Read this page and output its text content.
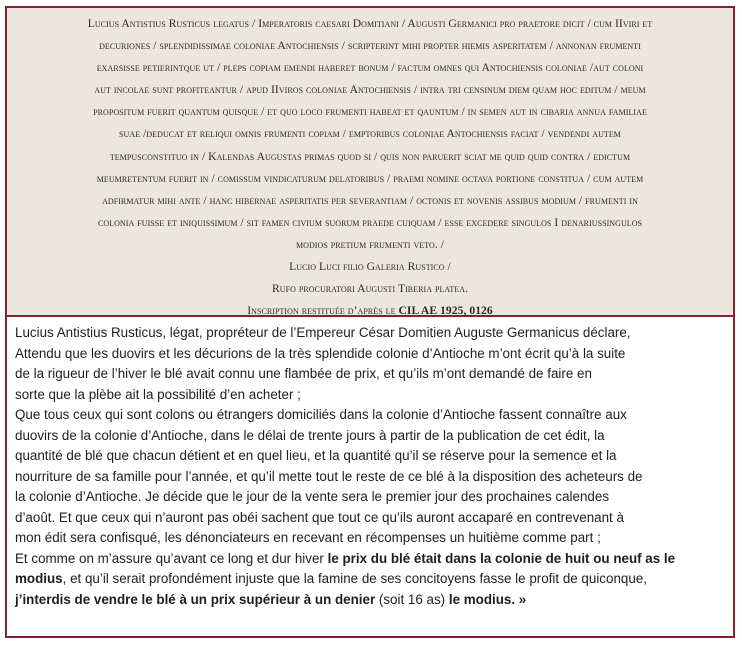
Lucius Antistius Rusticus legatus / Imperatoris caesari Domitiani / Augusti Germanici pro praetore dicit / cum IIviri et
decuriones / splendidissimae coloniae Antochiensis / scripterint mihi propter hiemis asperitatem / annonan frumenti
exarsisse petierintque ut / pleps copiam emendi haberet bonum / factum omnes qui Antochiensis coloniae /aut coloni
aut incolae sunt profiteantur / apud IIviros coloniae Antochiensis / intra tri censinum diem quam hoc editum / meum
propositum fuerit quantum quisque / et quo loco frumenti habeat et qauntum / in semen aut in cibaria annua familiae
suae /deducat et reliqui omnis frumenti copiam / emptoribus coloniae Antochiensis faciat / vendendi autem
tempusconstituo in / Kalendas Augustas primas quod si / quis non paruerit sciat me quid quid contra / edictum
meumretentum fuerit in / comissum vindicaturum delatoribus / praemi nomine octava portione constitua / cum autem
adfirmatur mihi ante / hanc hibernae asperitatis per severantiam / octonis et novenis assibus modium / frumenti in
colonia fuisse et iniquissimum / sit famen civium suorum praede cuiquam / esse excedere singulos I denariussingulos
modios pretium frumenti veto. /
Lucio Luci filio Galeria Rustico /
Rufo procuratori Augusti Tiberia platea.
Inscription restituée d’après le CIL AE 1925, 0126
Lucius Antistius Rusticus, légat, propréteur de l’Empereur César Domitien Auguste Germanicus déclare,
Attendu que les duovirs et les décurions de la très splendide colonie d’Antioche m’ont écrit qu’à la suite
de la rigueur de l’hiver le blé avait connu une flambée de prix, et qu’ils m’ont demandé de faire en
sorte que la plèbe ait la possibilité d’en acheter ;
Que tous ceux qui sont colons ou étrangers domiciliés dans la colonie d’Antioche fassent connaître aux
duovirs de la colonie d’Antioche, dans le délai de trente jours à partir de la publication de cet édit, la
quantité de blé que chacun détient et en quel lieu, et la quantité qu’il se réserve pour la semence et la
nourriture de sa famille pour l’année, et qu’il mette tout le reste de ce blé à la disposition des acheteurs de
la colonie d’Antioche. Je décide que le jour de la vente sera le premier jour des prochaines calendes
d’août. Et que ceux qui n’auront pas obéi sachent que tout ce qu’ils auront accaparé en contrevenant à
mon édit sera confisqué, les dénonciateurs en recevant en récompenses un huitième comme part ;
Et comme on m’assure qu’avant ce long et dur hiver le prix du blé était dans la colonie de huit ou neuf as le
modius, et qu’il serait profondément injuste que la famine de ses concitoyens fasse le profit de quiconque,
j’interdis de vendre le blé à un prix supérieur à un denier (soit 16 as) le modius. »
